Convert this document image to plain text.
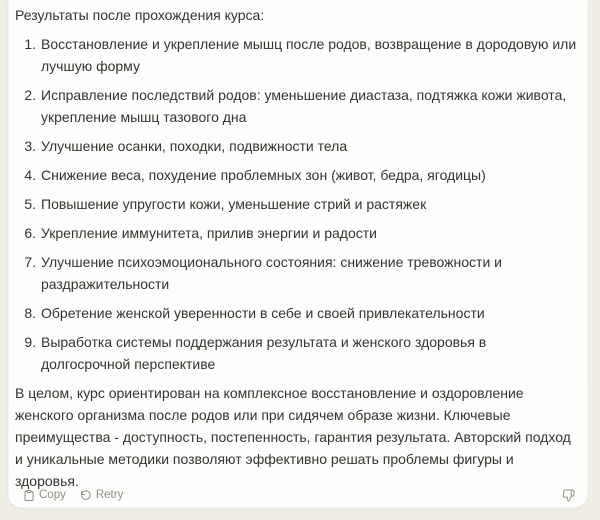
Результаты после прохождения курса:

Восстановление и укрепление мышц после родов, возвращение в дородовую или лучшую форму
Исправление последствий родов: уменьшение диастаза, подтяжка кожи живота, укрепление мышц тазового дна
Улучшение осанки, походки, подвижности тела
Снижение веса, похудение проблемных зон (живот, бедра, ягодицы)
Повышение упругости кожи, уменьшение стрий и растяжек
Укрепление иммунитета, прилив энергии и радости
Улучшение психоэмоционального состояния: снижение тревожности и раздражительности
Обретение женской уверенности в себе и своей привлекательности
Выработка системы поддержания результата и женского здоровья в долгосрочной перспективе

В целом, курс ориентирован на комплексное восстановление и оздоровление женского организма после родов или при сидячем образе жизни. Ключевые преимущества - доступность, постепенность, гарантия результата. Авторский подход и уникальные методики позволяют эффективно решать проблемы фигуры и здоровья.

Copy	Retry
